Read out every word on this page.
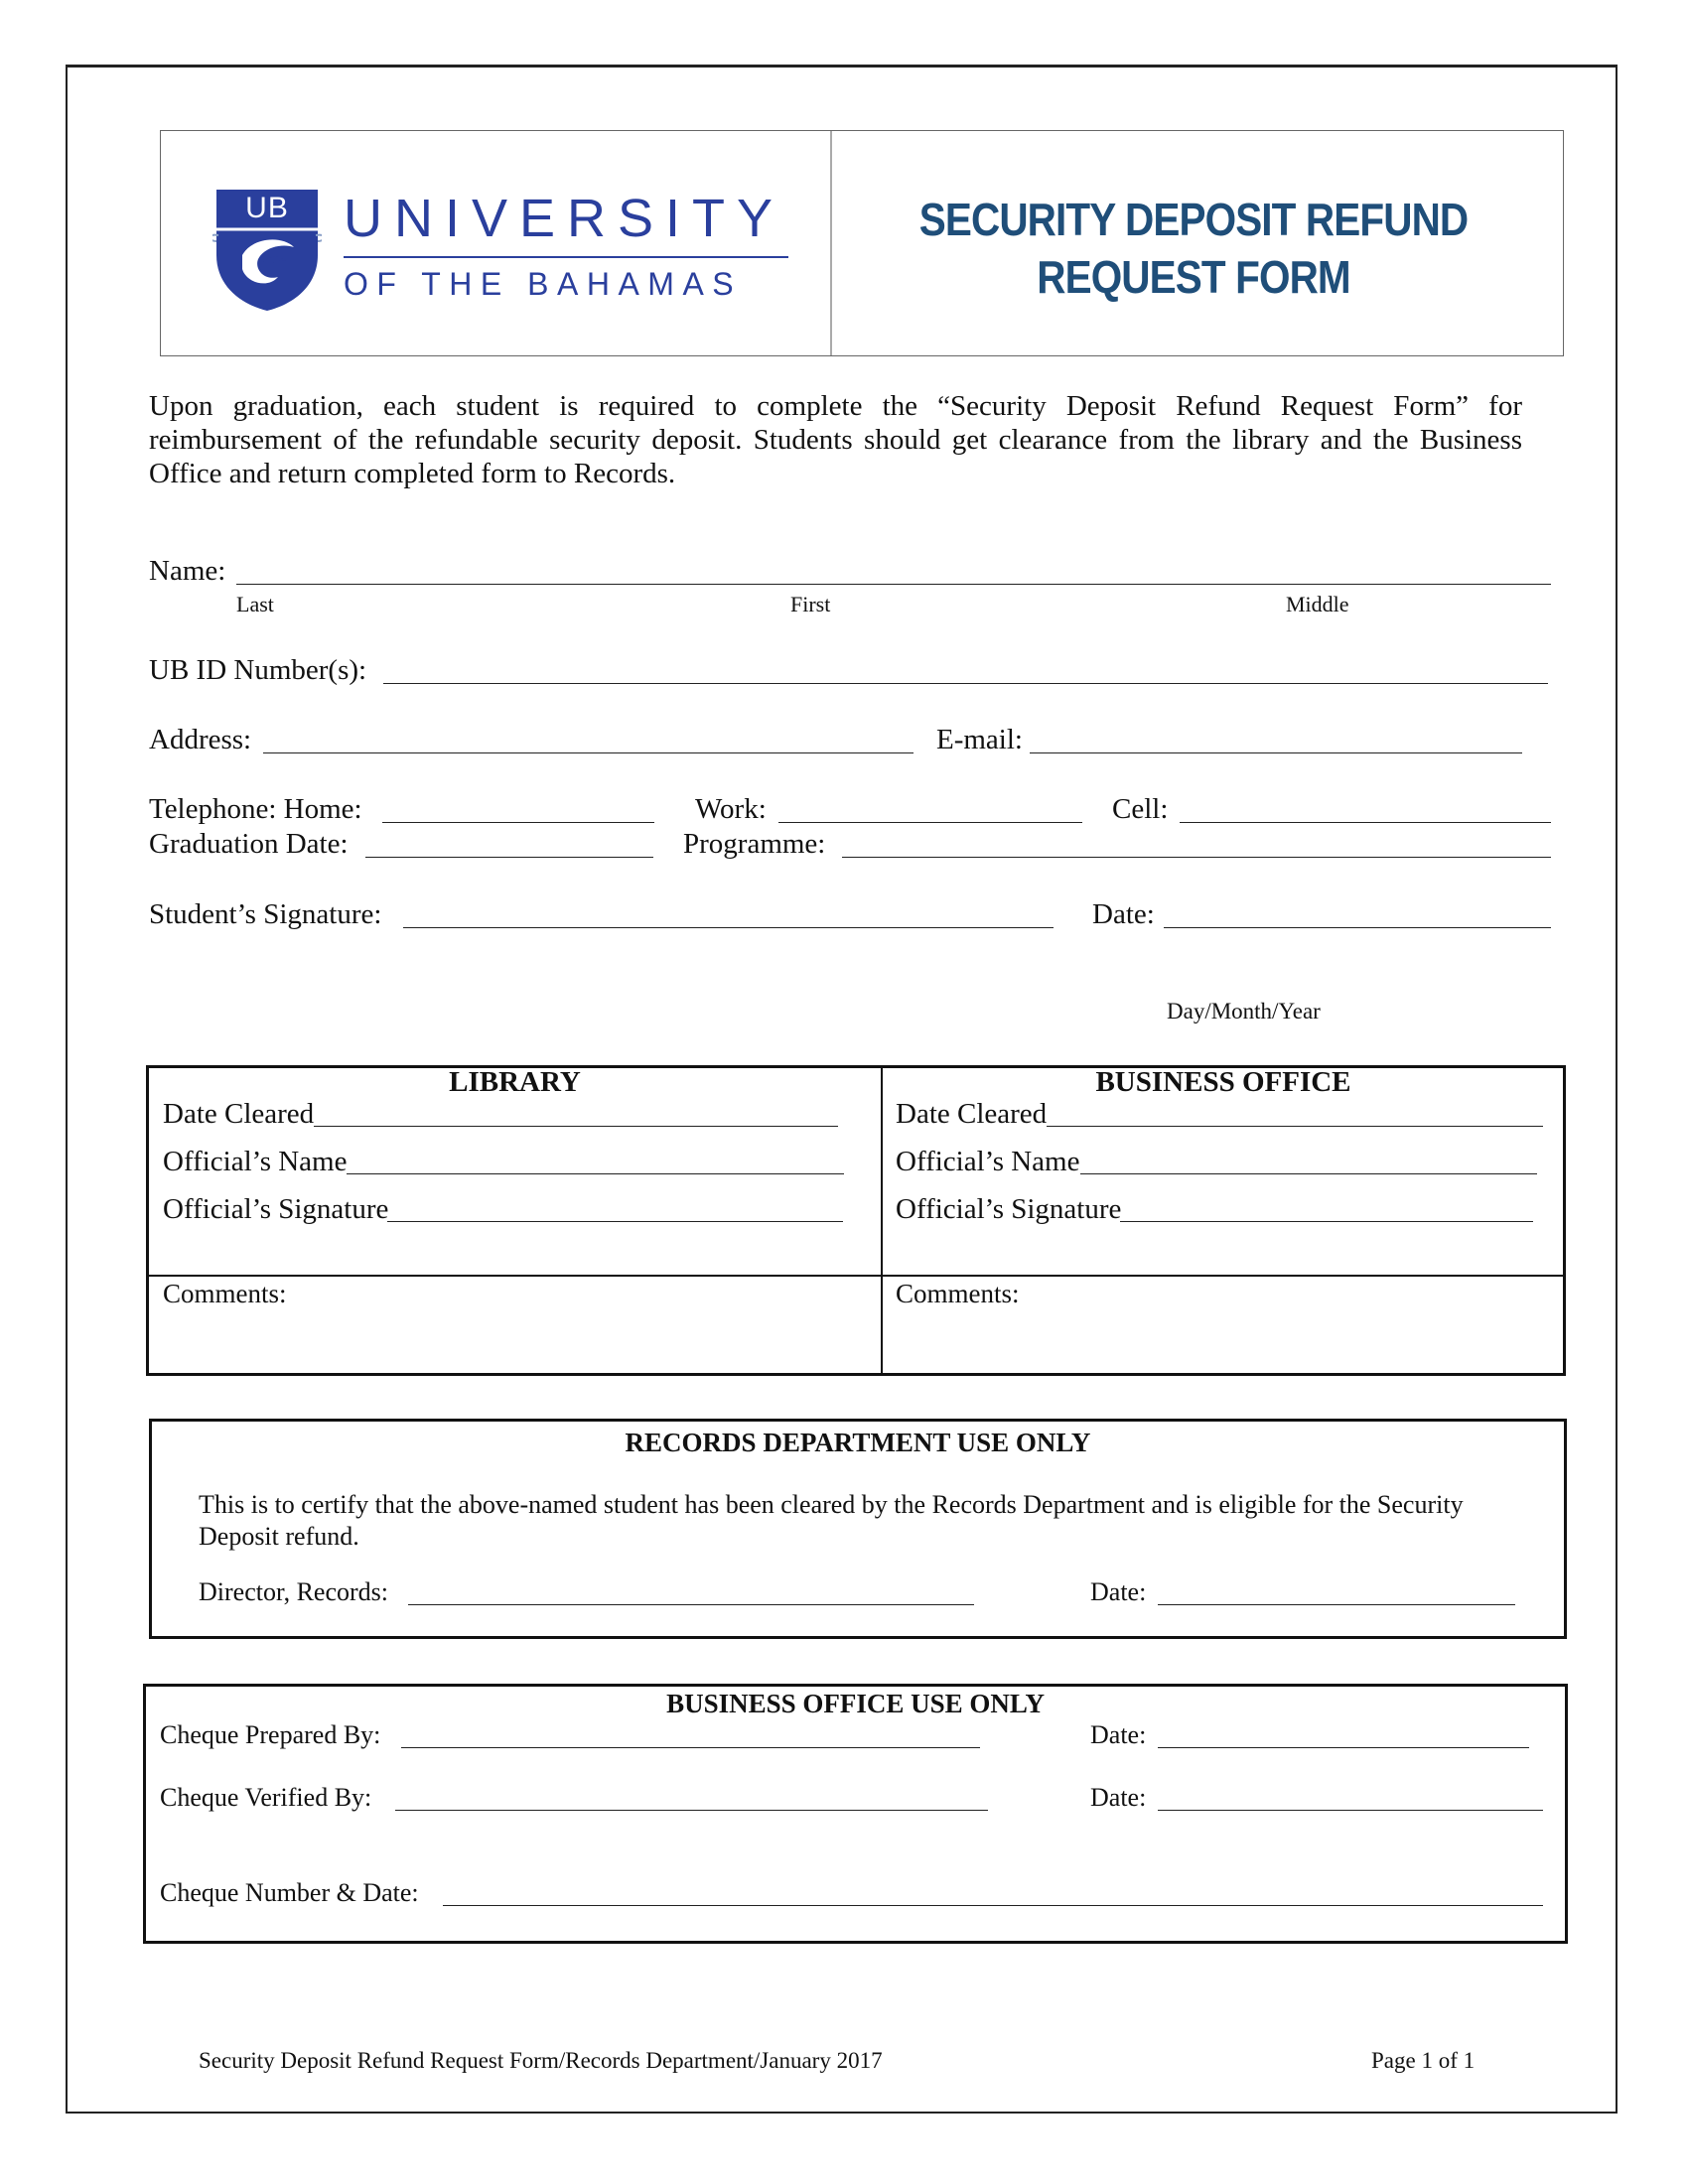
UB	UNIVERSITY
OF THE BAHAMAS
SECURITY DEPOSIT REFUND
REQUEST FORM
Upon graduation, each student is required to complete the “Security Deposit Refund Request Form” for reimbursement of the refundable security deposit. Students should get clearance from the library and the Business Office and return completed form to Records.
Name:
Last	First	Middle
UB ID Number(s):
Address:	E-mail:
Telephone: Home:	Work:	Cell:
Graduation Date:	Programme:
Student’s Signature:	Date:
Day/Month/Year
LIBRARY
Date Cleared
Official’s Name
Official’s Signature
Comments:
BUSINESS OFFICE
Date Cleared
Official’s Name
Official’s Signature
Comments:
RECORDS DEPARTMENT USE ONLY
This is to certify that the above-named student has been cleared by the Records Department and is eligible for the Security Deposit refund.
Director, Records:	Date:
BUSINESS OFFICE USE ONLY
Cheque Prepared By:	Date:
Cheque Verified By:	Date:
Cheque Number & Date:
Security Deposit Refund Request Form/Records Department/January 2017	Page 1 of 1
